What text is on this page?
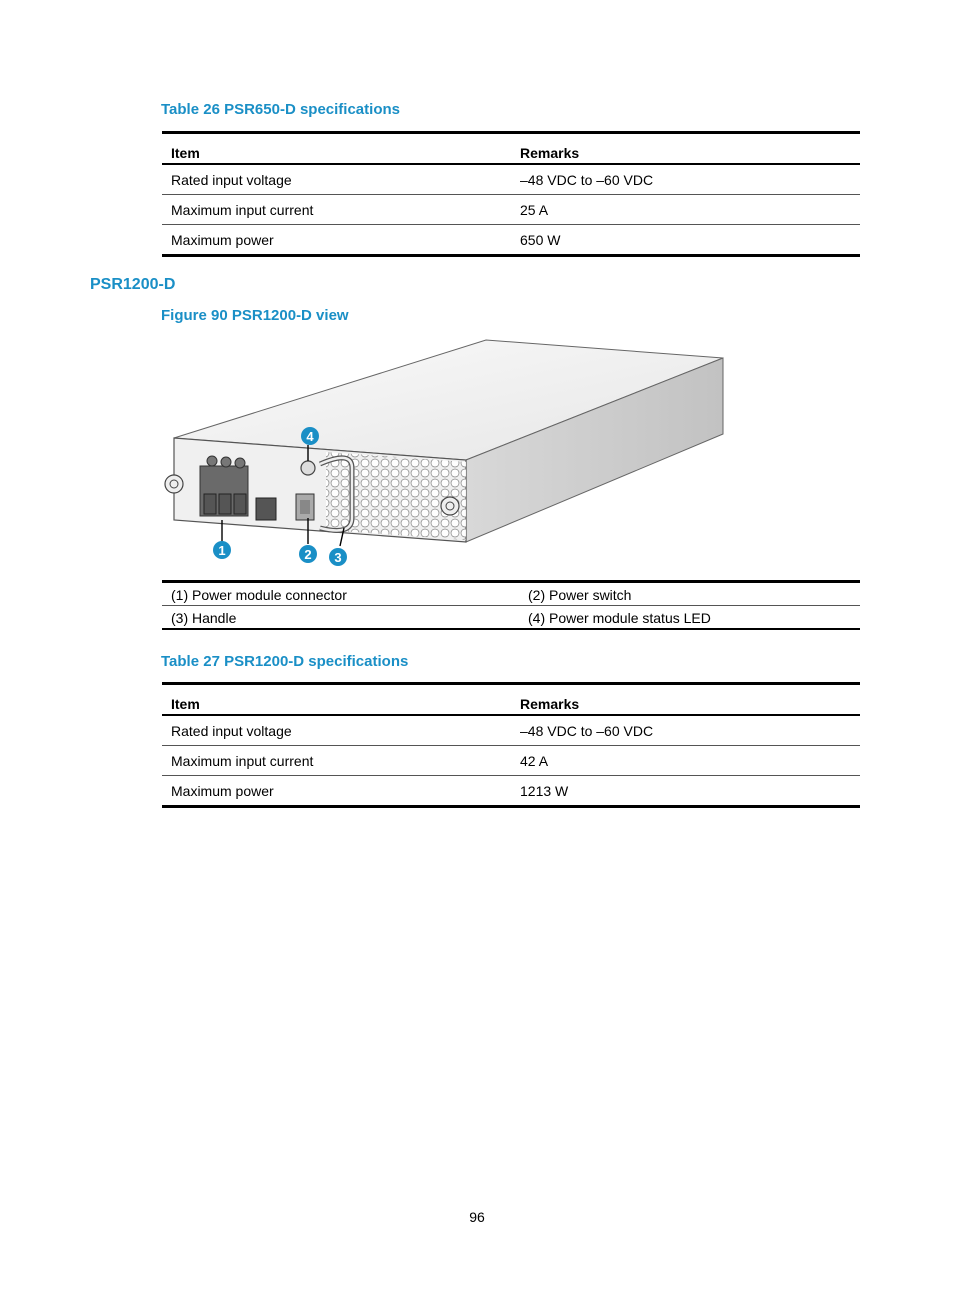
Table 26 PSR650-D specifications
Item	Remarks
Rated input voltage	–48 VDC to –60 VDC
Maximum input current	25 A
Maximum power	650 W
PSR1200-D
Figure 90 PSR1200-D view
1	2 3
4
(1) Power module connector	(2) Power switch
(3) Handle	(4) Power module status LED
Table 27 PSR1200-D specifications
Item	Remarks
Rated input voltage	–48 VDC to –60 VDC
Maximum input current	42 A
Maximum power	1213 W
96
